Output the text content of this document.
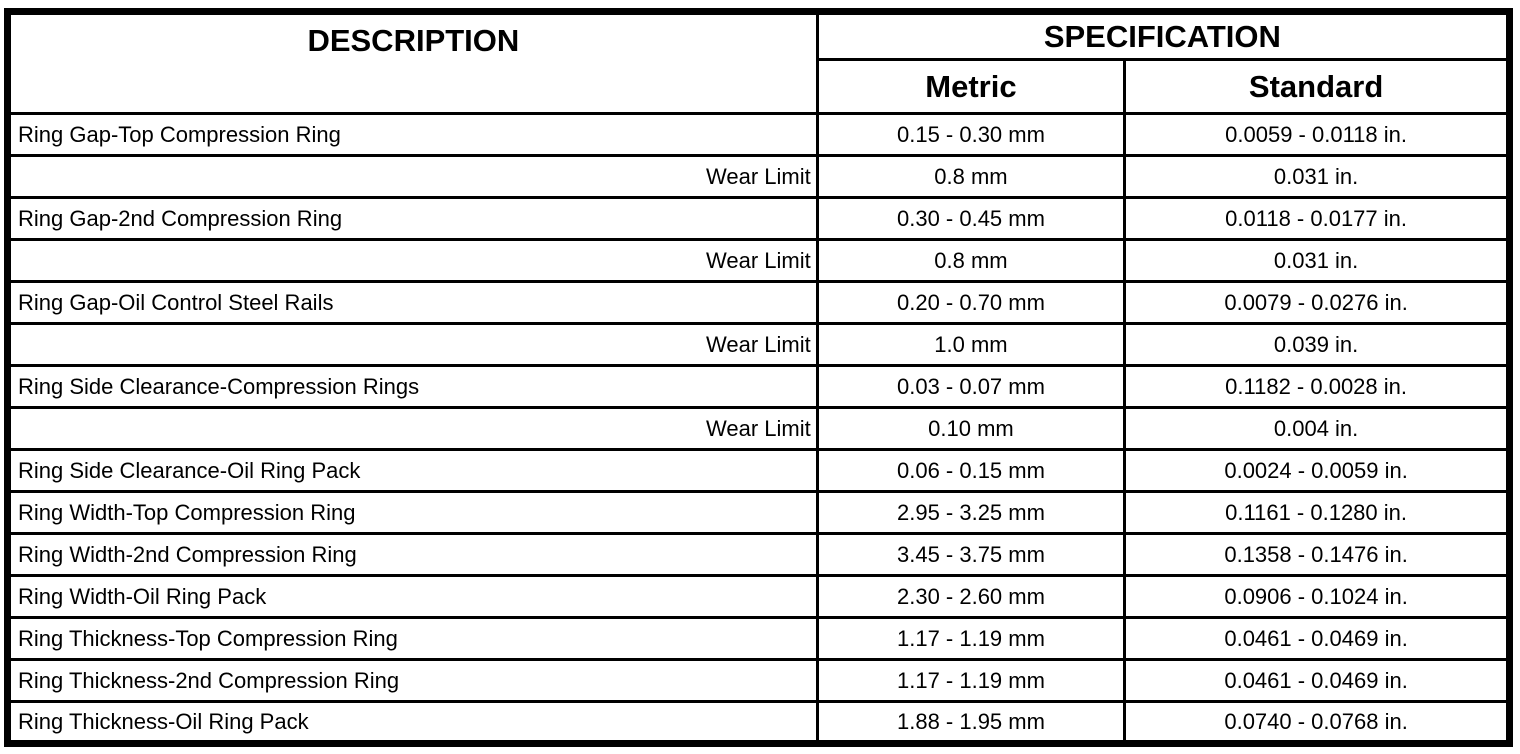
DESCRIPTION	SPECIFICATION	
	Metric	Standard
Ring Gap-Top Compression Ring	0.15 - 0.30 mm	0.0059 - 0.0118 in.
Wear Limit	0.8 mm	0.031 in.
Ring Gap-2nd Compression Ring	0.30 - 0.45 mm	0.0118 - 0.0177 in.
Wear Limit	0.8 mm	0.031 in.
Ring Gap-Oil Control Steel Rails	0.20 - 0.70 mm	0.0079 - 0.0276 in.
Wear Limit	1.0 mm	0.039 in.
Ring Side Clearance-Compression Rings	0.03 - 0.07 mm	0.1182 - 0.0028 in.
Wear Limit	0.10 mm	0.004 in.
Ring Side Clearance-Oil Ring Pack	0.06 - 0.15 mm	0.0024 - 0.0059 in.
Ring Width-Top Compression Ring	2.95 - 3.25 mm	0.1161 - 0.1280 in.
Ring Width-2nd Compression Ring	3.45 - 3.75 mm	0.1358 - 0.1476 in.
Ring Width-Oil Ring Pack	2.30 - 2.60 mm	0.0906 - 0.1024 in.
Ring Thickness-Top Compression Ring	1.17 - 1.19 mm	0.0461 - 0.0469 in.
Ring Thickness-2nd Compression Ring	1.17 - 1.19 mm	0.0461 - 0.0469 in.
Ring Thickness-Oil Ring Pack	1.88 - 1.95 mm	0.0740 - 0.0768 in.
